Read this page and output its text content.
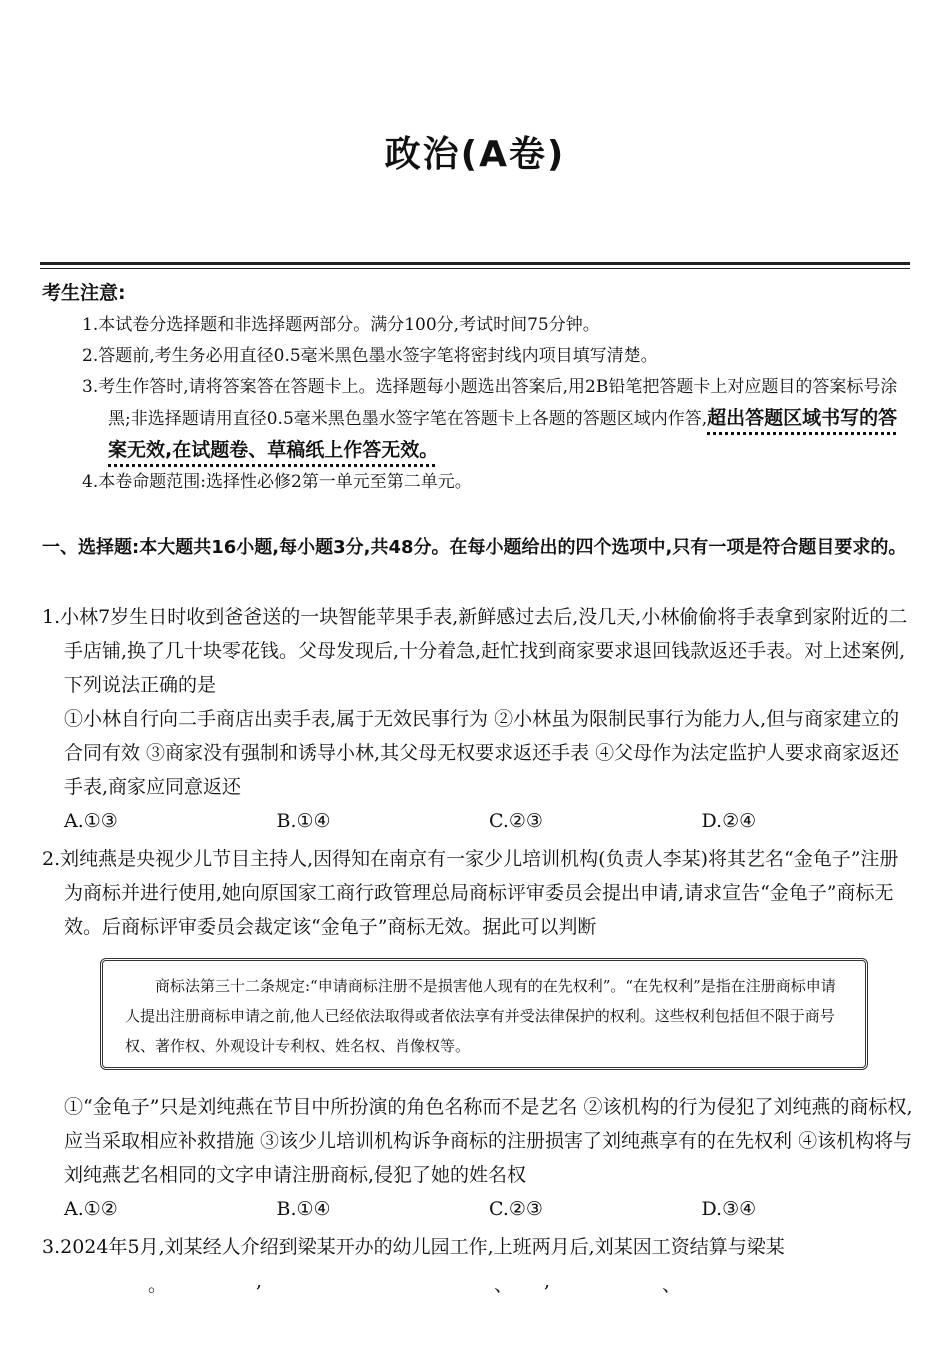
政治(A卷)
考生注意:
1.本试卷分选择题和非选择题两部分。满分100分,考试时间75分钟。
2.答题前,考生务必用直径0.5毫米黑色墨水签字笔将密封线内项目填写清楚。
3.考生作答时,请将答案答在答题卡上。选择题每小题选出答案后,用2B铅笔把答题卡上对应题目的答案标号涂黑;非选择题请用直径0.5毫米黑色墨水签字笔在答题卡上各题的答题区域内作答,超出答题区域书写的答案无效,在试题卷、草稿纸上作答无效。
4.本卷命题范围:选择性必修2第一单元至第二单元。
一、选择题:本大题共16小题,每小题3分,共48分。在每小题给出的四个选项中,只有一项是符合题目要求的。
1.小林7岁生日时收到爸爸送的一块智能苹果手表,新鲜感过去后,没几天,小林偷偷将手表拿到家附近的二手店铺,换了几十块零花钱。父母发现后,十分着急,赶忙找到商家要求退回钱款返还手表。对上述案例,下列说法正确的是
①小林自行向二手商店出卖手表,属于无效民事行为 ②小林虽为限制民事行为能力人,但与商家建立的合同有效 ③商家没有强制和诱导小林,其父母无权要求返还手表 ④父母作为法定监护人要求商家返还手表,商家应同意返还
A.①③	B.①④	C.②③	D.②④
2.刘纯燕是央视少儿节目主持人,因得知在南京有一家少儿培训机构(负责人李某)将其艺名“金龟子”注册为商标并进行使用,她向原国家工商行政管理总局商标评审委员会提出申请,请求宣告“金龟子”商标无效。后商标评审委员会裁定该“金龟子”商标无效。据此可以判断

商标法第三十二条规定:“申请商标注册不是损害他人现有的在先权利”。“在先权利”是指在注册商标申请人提出注册商标申请之前,他人已经依法取得或者依法享有并受法律保护的权利。这些权利包括但不限于商号权、著作权、外观设计专利权、姓名权、肖像权等。

①“金龟子”只是刘纯燕在节目中所扮演的角色名称而不是艺名 ②该机构的行为侵犯了刘纯燕的商标权,应当采取相应补救措施 ③该少儿培训机构诉争商标的注册损害了刘纯燕享有的在先权利 ④该机构将与刘纯燕艺名相同的文字申请注册商标,侵犯了她的姓名权
A.①②	B.①④	C.②③	D.③④
3.2024年5月,刘某经人介绍到梁某开办的幼儿园工作,上班两月后,刘某因工资结算与梁某
。	,	、 ,	、
